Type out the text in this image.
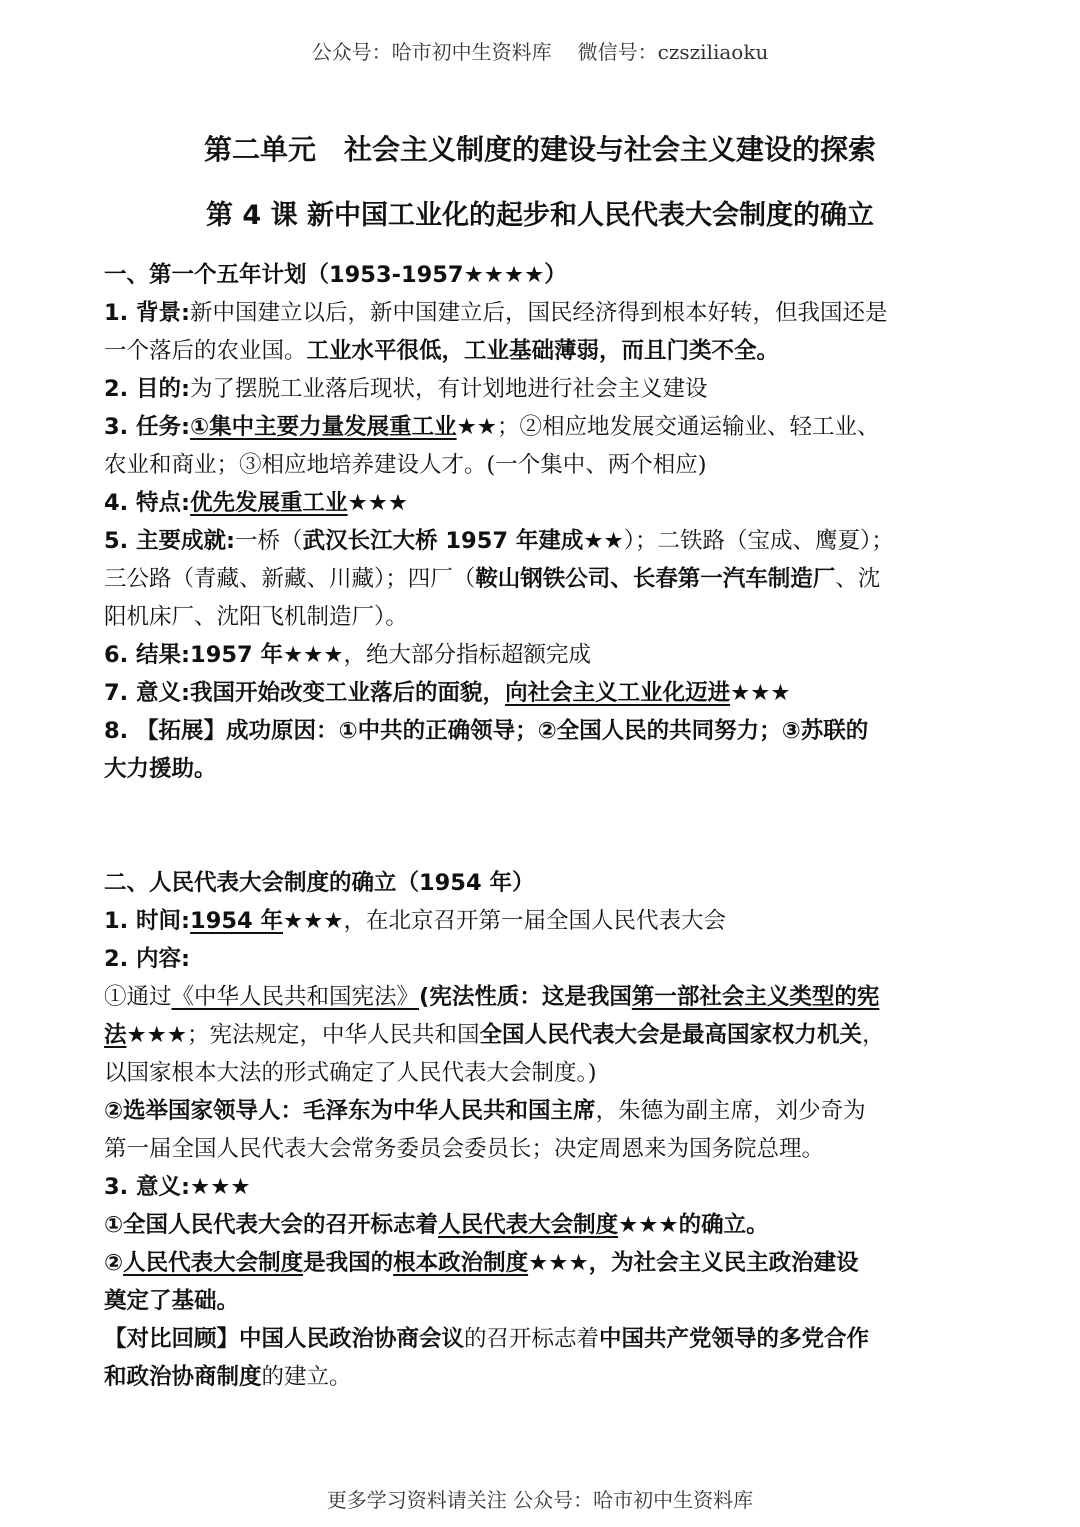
公众号：哈市初中生资料库 微信号：czsziliaoku
第二单元 社会主义制度的建设与社会主义建设的探索
第 4 课 新中国工业化的起步和人民代表大会制度的确立
一、第一个五年计划（1953-1957★★★★）
1. 背景:新中国建立以后，新中国建立后，国民经济得到根本好转，但我国还是
一个落后的农业国。工业水平很低，工业基础薄弱，而且门类不全。
2. 目的:为了摆脱工业落后现状，有计划地进行社会主义建设
3. 任务:①集中主要力量发展重工业★★；②相应地发展交通运输业、轻工业、
农业和商业；③相应地培养建设人才。(一个集中、两个相应)
4. 特点:优先发展重工业★★★
5. 主要成就:一桥（武汉长江大桥 1957 年建成★★）；二铁路（宝成、鹰夏）；
三公路（青藏、新藏、川藏）；四厂（鞍山钢铁公司、长春第一汽车制造厂、沈
阳机床厂、沈阳飞机制造厂）。
6. 结果:1957 年★★★，绝大部分指标超额完成
7. 意义:我国开始改变工业落后的面貌，向社会主义工业化迈进★★★
8. 【拓展】成功原因：①中共的正确领导；②全国人民的共同努力；③苏联的
大力援助。
二、人民代表大会制度的确立（1954 年）
1. 时间:1954 年★★★，在北京召开第一届全国人民代表大会
2. 内容:
①通过《中华人民共和国宪法》(宪法性质：这是我国第一部社会主义类型的宪
法★★★；宪法规定，中华人民共和国全国人民代表大会是最高国家权力机关，
以国家根本大法的形式确定了人民代表大会制度。)
②选举国家领导人：毛泽东为中华人民共和国主席，朱德为副主席，刘少奇为
第一届全国人民代表大会常务委员会委员长；决定周恩来为国务院总理。
3. 意义:★★★
①全国人民代表大会的召开标志着人民代表大会制度★★★的确立。
②人民代表大会制度是我国的根本政治制度★★★，为社会主义民主政治建设
奠定了基础。
【对比回顾】中国人民政治协商会议的召开标志着中国共产党领导的多党合作
和政治协商制度的建立。
更多学习资料请关注 公众号：哈市初中生资料库
